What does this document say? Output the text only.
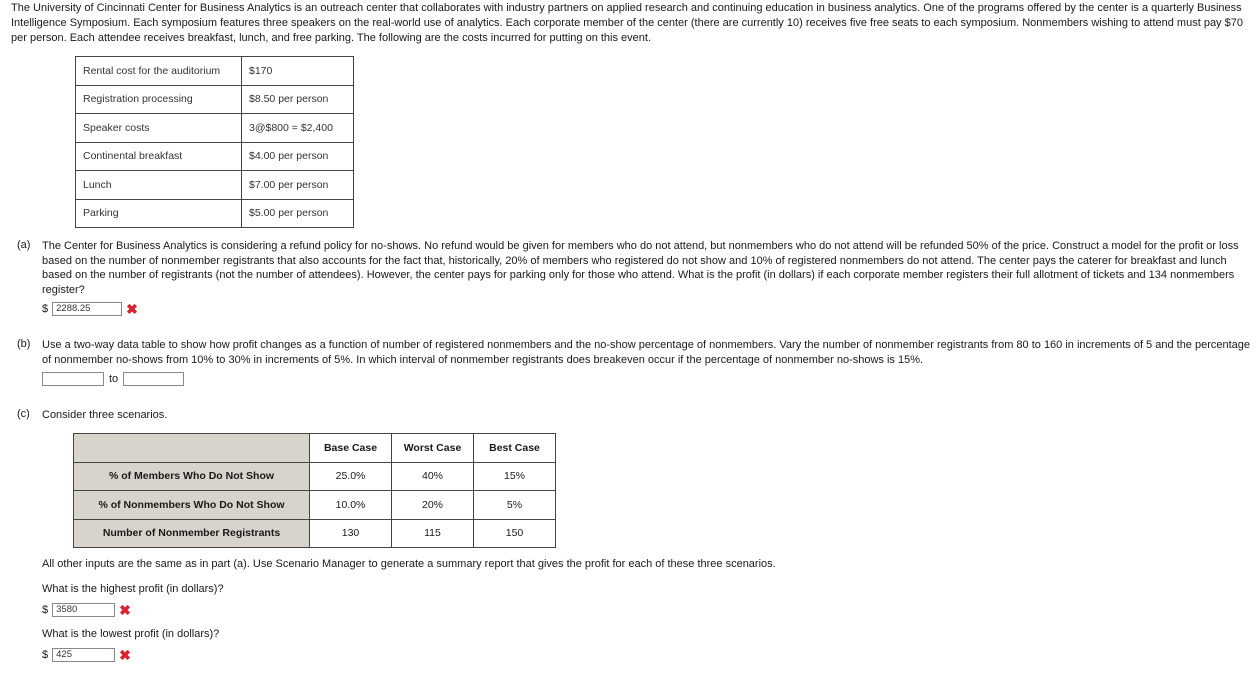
The University of Cincinnati Center for Business Analytics is an outreach center that collaborates with industry partners on applied research and continuing education in business analytics. One of the programs offered by the center is a quarterly Business Intelligence Symposium. Each symposium features three speakers on the real-world use of analytics. Each corporate member of the center (there are currently 10) receives five free seats to each symposium. Nonmembers wishing to attend must pay $70 per person. Each attendee receives breakfast, lunch, and free parking. The following are the costs incurred for putting on this event.
Rental cost for the auditorium	$170
Registration processing	$8.50 per person
Speaker costs	3@$800 = $2,400
Continental breakfast	$4.00 per person
Lunch	$7.00 per person
Parking	$5.00 per person
(a) The Center for Business Analytics is considering a refund policy for no-shows. No refund would be given for members who do not attend, but nonmembers who do not attend will be refunded 50% of the price. Construct a model for the profit or loss based on the number of nonmember registrants that also accounts for the fact that, historically, 20% of members who registered do not show and 10% of registered nonmembers do not attend. The center pays the caterer for breakfast and lunch based on the number of registrants (not the number of attendees). However, the center pays for parking only for those who attend. What is the profit (in dollars) if each corporate member registers their full allotment of tickets and 134 nonmembers register?
$ 2288.25	✖
(b) Use a two-way data table to show how profit changes as a function of number of registered nonmembers and the no-show percentage of nonmembers. Vary the number of nonmember registrants from 80 to 160 in increments of 5 and the percentage of nonmember no-shows from 10% to 30% in increments of 5%. In which interval of nonmember registrants does breakeven occur if the percentage of nonmember no-shows is 15%.
to
(c) Consider three scenarios.
	Base Case	Worst Case	Best Case
% of Members Who Do Not Show	25.0%	40%	15%
% of Nonmembers Who Do Not Show	10.0%	20%	5%
Number of Nonmember Registrants	130	115	150
All other inputs are the same as in part (a). Use Scenario Manager to generate a summary report that gives the profit for each of these three scenarios.
What is the highest profit (in dollars)?
$ 3580	✖
What is the lowest profit (in dollars)?
$ 425	✖
